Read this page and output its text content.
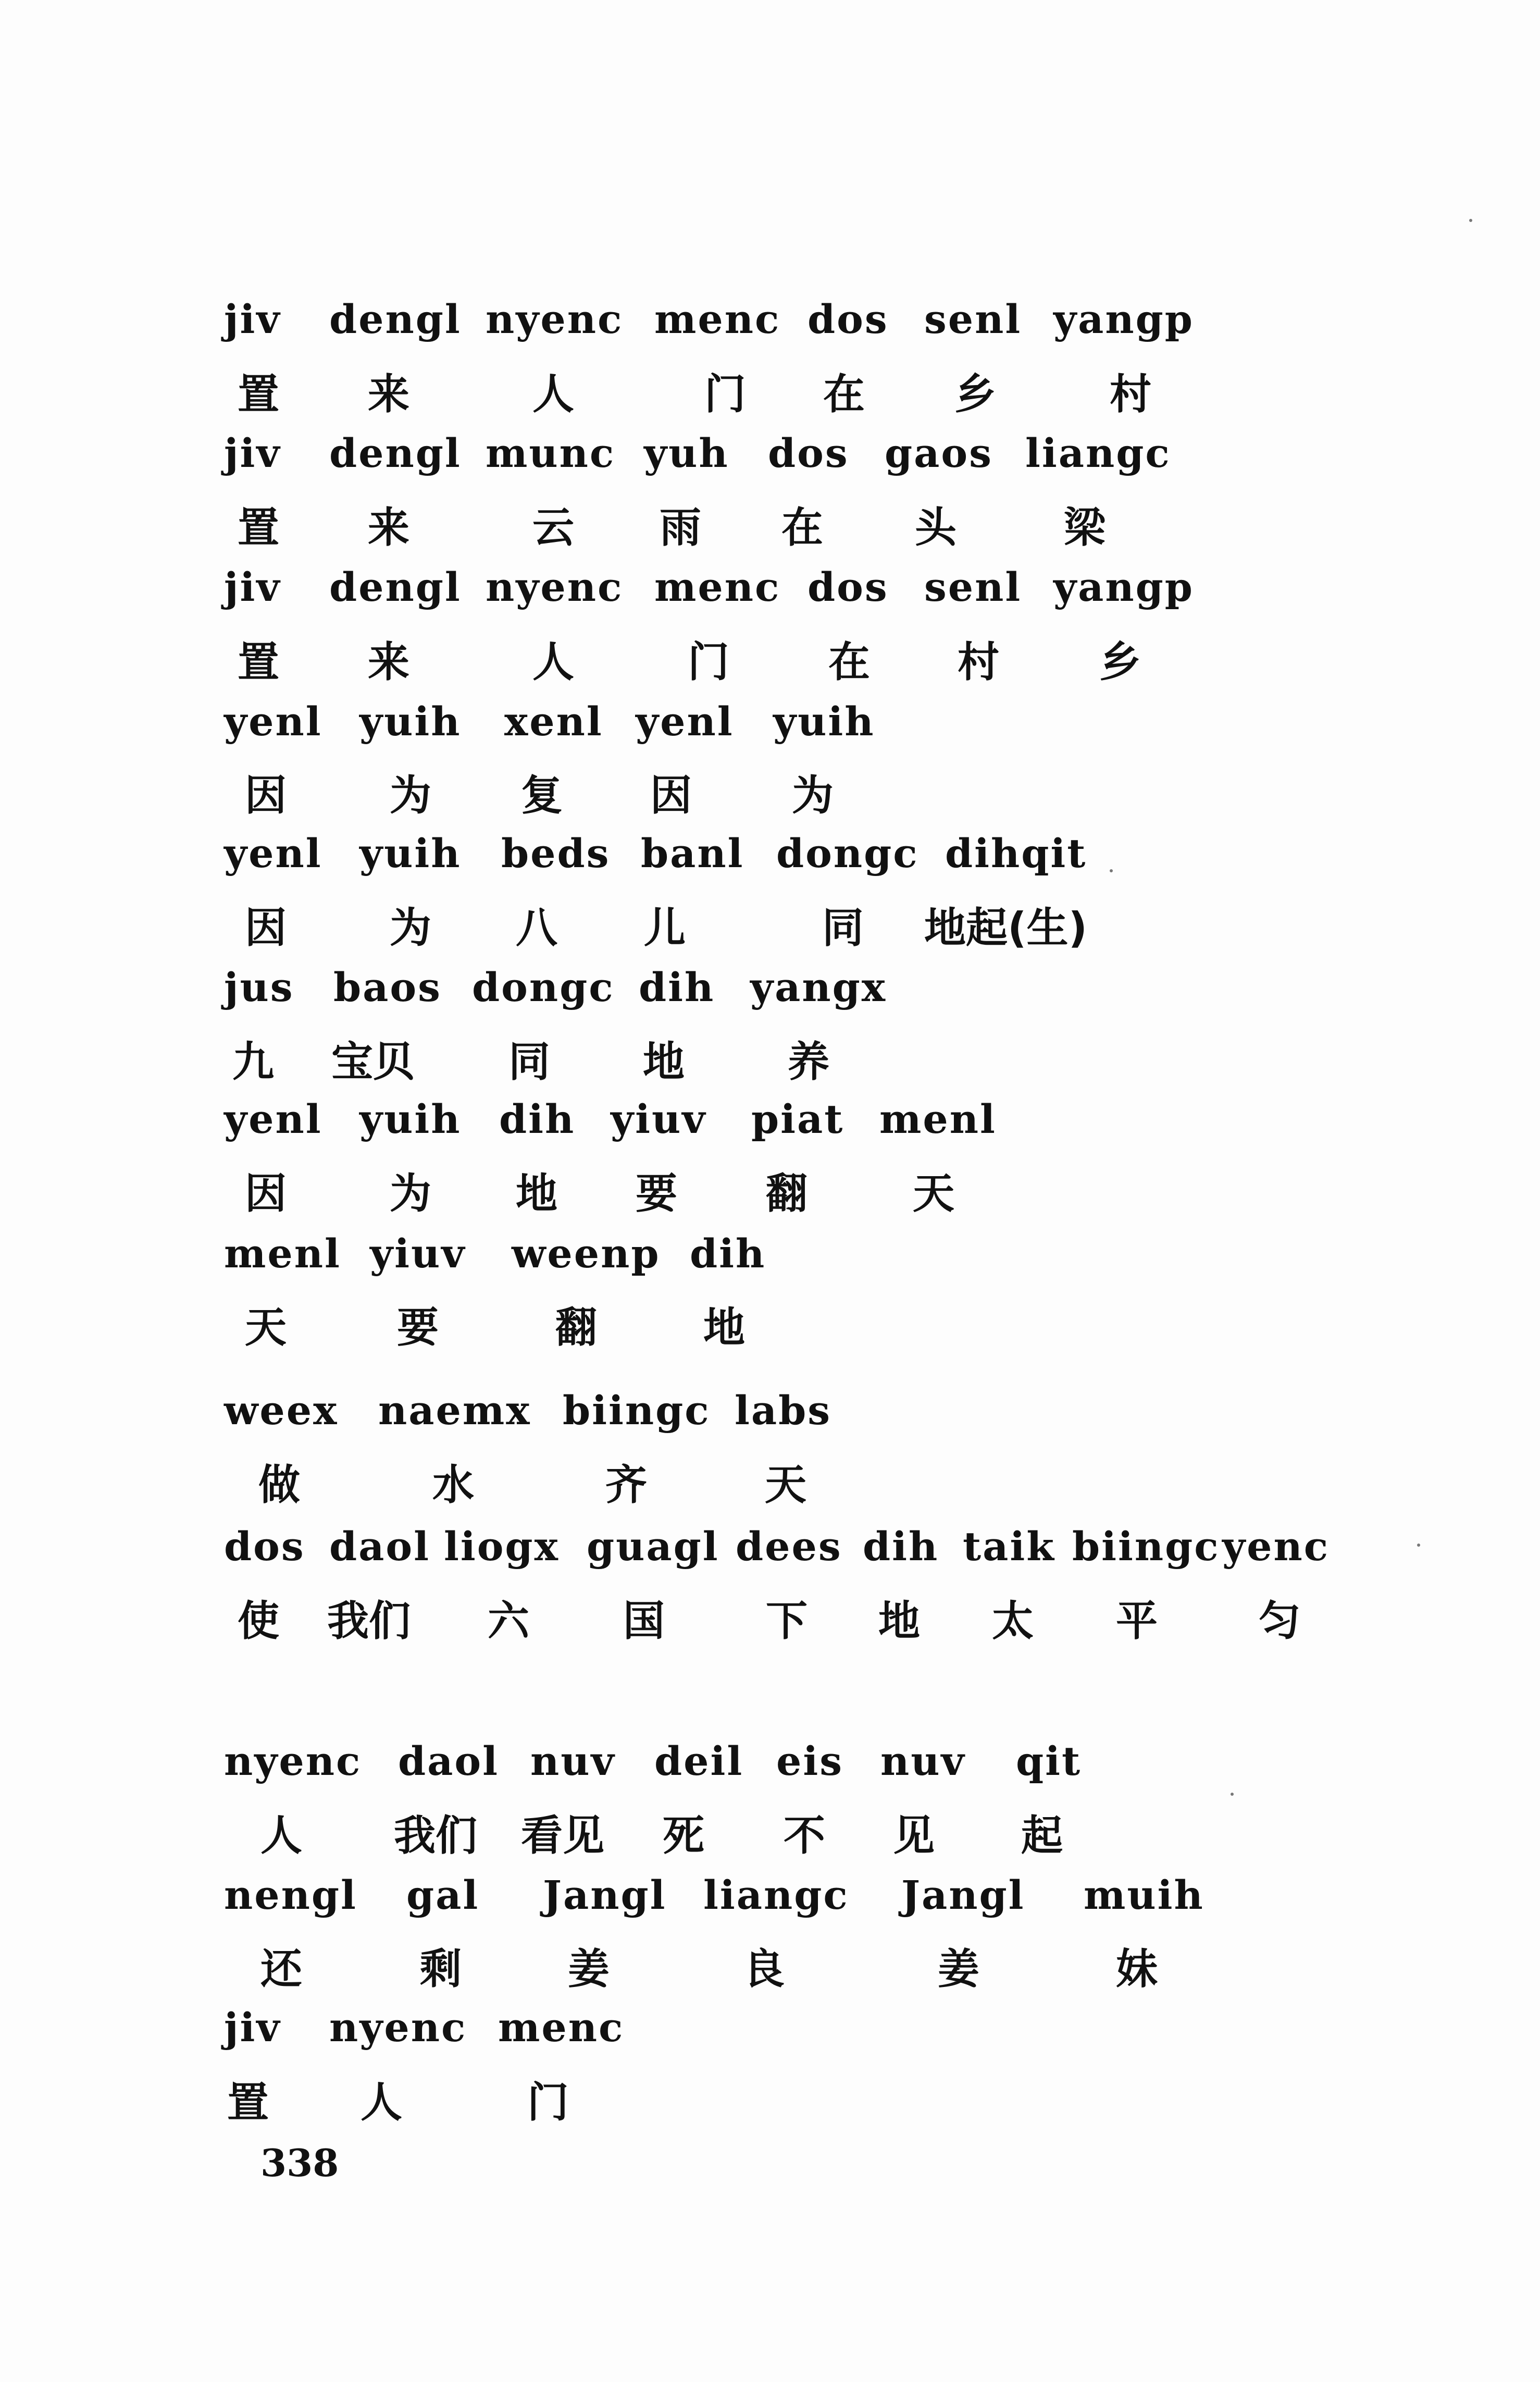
338
jiv dengl nyenc menc dos senl yangp
置 来	人	门 在 乡	村
jiv dengl munc yuh dos gaos liangc
置 来	云 雨 在 头	梁
jiv dengl nyenc menc dos senl yangp
置 来	人	门 在 村 乡
yenl yuih xenl yenl yuih
因 为 复 因 为
yenl yuih beds banl dongc dihqit
因 为 八 儿	同 地起(生)
jus baos dongc dih yangx
九 宝贝 同 地 养
yenl yuih dih yiuv piat menl
因 为 地 要 翻	天
menl yiuv weenp dih
天	要	翻	地
weex naemx biingc labs
做	水	齐	天
dos daol liogx guagl dees dih taik biingc yenc
使 我们 六 国 下 地 太 平 匀
nyenc daol nuv deil eis nuv qit
人 我们 看见 死 不 见 起
nengl gal Jangl liangc Jangl muih
还	剩	姜	良	姜	妹
jiv nyenc menc
置 人	门
